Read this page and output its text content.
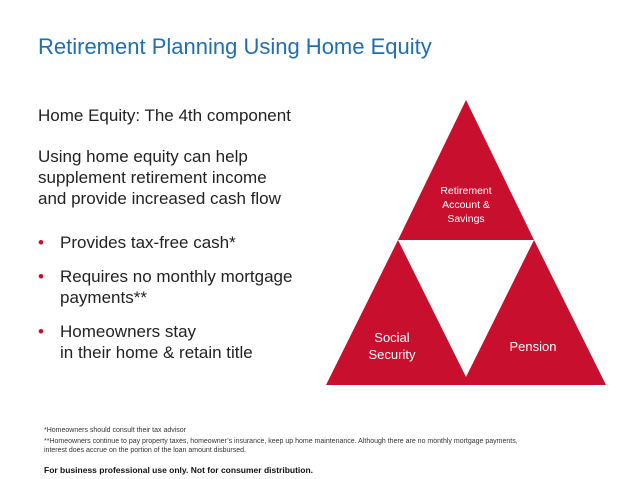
Retirement Planning Using Home Equity
Home Equity: The 4th component
Using home equity can help
supplement retirement income
and provide increased cash flow
• Provides tax-free cash*
• Requires no monthly mortgage
payments**
• Homeowners stay
in their home & retain title
Retirement
Account &
Savings
Social
Security
Pension
*Homeowners should consult their tax advisor
**Homeowners continue to pay property taxes, homeowner’s insurance, keep up home maintenance. Although there are no monthly mortgage payments,
interest does accrue on the portion of the loan amount disbursed.
For business professional use only. Not for consumer distribution.
